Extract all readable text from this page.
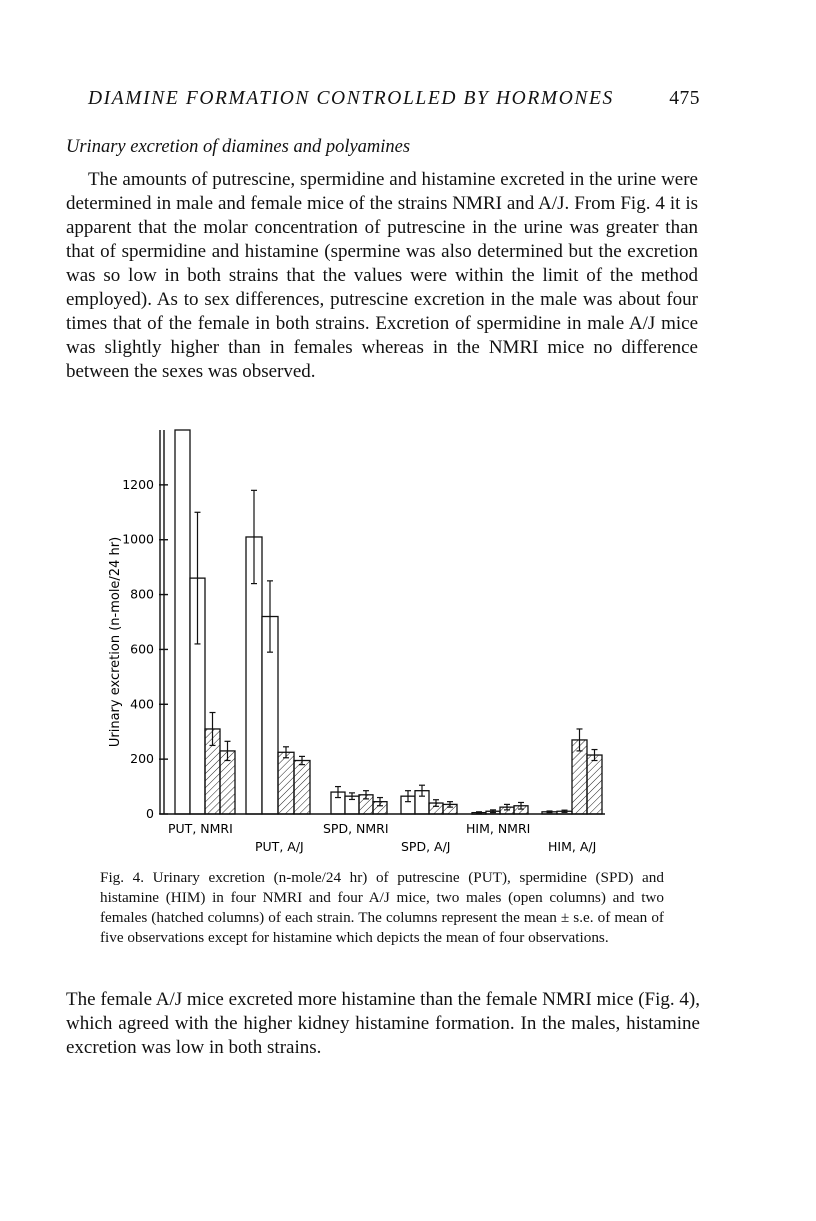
DIAMINE FORMATION CONTROLLED BY HORMONES	475
Urinary excretion of diamines and polyamines

The amounts of putrescine, spermidine and histamine excreted in the urine were determined in male and female mice of the strains NMRI and A/J. From Fig. 4 it is apparent that the molar concentration of putrescine in the urine was greater than that of spermidine and histamine (spermine was also determined but the excretion was so low in both strains that the values were within the limit of the method employed). As to sex differences, putrescine excretion in the male was about four times that of the female in both strains. Excretion of spermidine in male A/J mice was slightly higher than in females whereas in the NMRI mice no difference between the sexes was observed.

0
200
400
600
800
1000
1200
Urinary excretion (n-mole/24 hr)
PUT, NMRI
PUT, A/J
SPD, NMRI
SPD, A/J
HIM, NMRI
HIM, A/J

Fig. 4. Urinary excretion (n-mole/24 hr) of putrescine (PUT), spermidine (SPD) and histamine (HIM) in four NMRI and four A/J mice, two males (open columns) and two females (hatched columns) of each strain. The columns represent the mean ± s.e. of mean of five observations except for histamine which depicts the mean of four observations.

The female A/J mice excreted more histamine than the female NMRI mice (Fig. 4), which agreed with the higher kidney histamine formation. In the males, histamine excretion was low in both strains.
